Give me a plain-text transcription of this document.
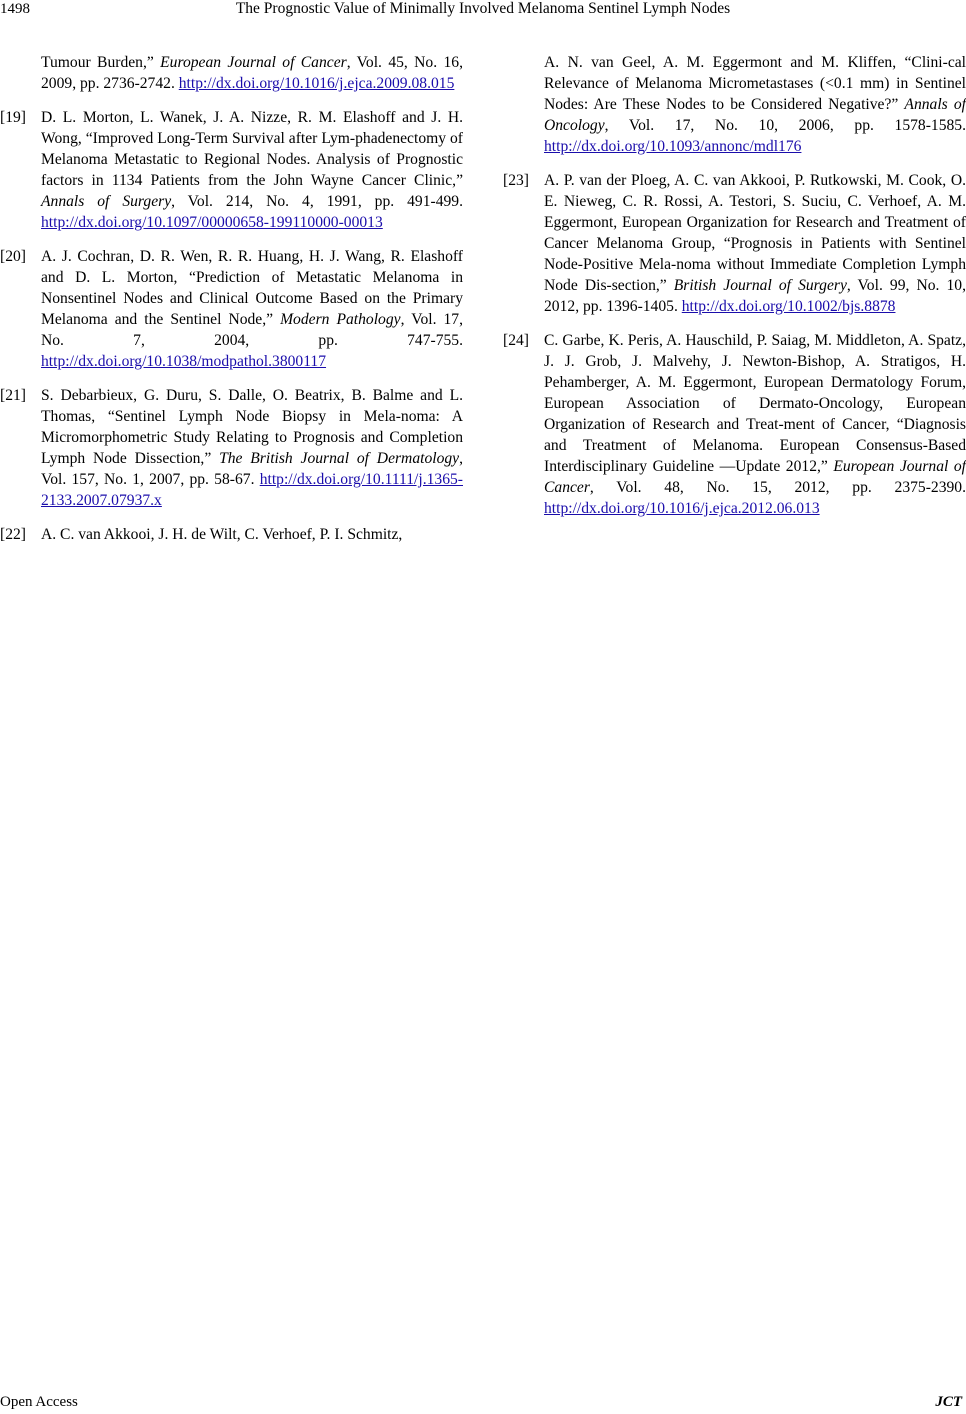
1498	The Prognostic Value of Minimally Involved Melanoma Sentinel Lymph Nodes
Tumour Burden,” European Journal of Cancer, Vol. 45, No. 16, 2009, pp. 2736-2742. http://dx.doi.org/10.1016/j.ejca.2009.08.015
[19] D. L. Morton, L. Wanek, J. A. Nizze, R. M. Elashoff and J. H. Wong, “Improved Long-Term Survival after Lym-phadenectomy of Melanoma Metastatic to Regional Nodes. Analysis of Prognostic factors in 1134 Patients from the John Wayne Cancer Clinic,” Annals of Surgery, Vol. 214, No. 4, 1991, pp. 491-499. http://dx.doi.org/10.1097/00000658-199110000-00013
[20] A. J. Cochran, D. R. Wen, R. R. Huang, H. J. Wang, R. Elashoff and D. L. Morton, “Prediction of Metastatic Melanoma in Nonsentinel Nodes and Clinical Outcome Based on the Primary Melanoma and the Sentinel Node,” Modern Pathology, Vol. 17, No. 7, 2004, pp. 747-755. http://dx.doi.org/10.1038/modpathol.3800117
[21] S. Debarbieux, G. Duru, S. Dalle, O. Beatrix, B. Balme and L. Thomas, “Sentinel Lymph Node Biopsy in Mela-noma: A Micromorphometric Study Relating to Prognosis and Completion Lymph Node Dissection,” The British Journal of Dermatology, Vol. 157, No. 1, 2007, pp. 58-67. http://dx.doi.org/10.1111/j.1365-2133.2007.07937.x
[22] A. C. van Akkooi, J. H. de Wilt, C. Verhoef, P. I. Schmitz,
A. N. van Geel, A. M. Eggermont and M. Kliffen, “Clini-cal Relevance of Melanoma Micrometastases (<0.1 mm) in Sentinel Nodes: Are These Nodes to be Considered Negative?” Annals of Oncology, Vol. 17, No. 10, 2006, pp. 1578-1585. http://dx.doi.org/10.1093/annonc/mdl176
[23] A. P. van der Ploeg, A. C. van Akkooi, P. Rutkowski, M. Cook, O. E. Nieweg, C. R. Rossi, A. Testori, S. Suciu, C. Verhoef, A. M. Eggermont, European Organization for Research and Treatment of Cancer Melanoma Group, “Prognosis in Patients with Sentinel Node-Positive Mela-noma without Immediate Completion Lymph Node Dis-section,” British Journal of Surgery, Vol. 99, No. 10, 2012, pp. 1396-1405. http://dx.doi.org/10.1002/bjs.8878
[24] C. Garbe, K. Peris, A. Hauschild, P. Saiag, M. Middleton, A. Spatz, J. J. Grob, J. Malvehy, J. Newton-Bishop, A. Stratigos, H. Pehamberger, A. M. Eggermont, European Dermatology Forum, European Association of Dermato-Oncology, European Organization of Research and Treat-ment of Cancer, “Diagnosis and Treatment of Melanoma. European Consensus-Based Interdisciplinary Guideline —Update 2012,” European Journal of Cancer, Vol. 48, No. 15, 2012, pp. 2375-2390. http://dx.doi.org/10.1016/j.ejca.2012.06.013
Open Access	JCT
